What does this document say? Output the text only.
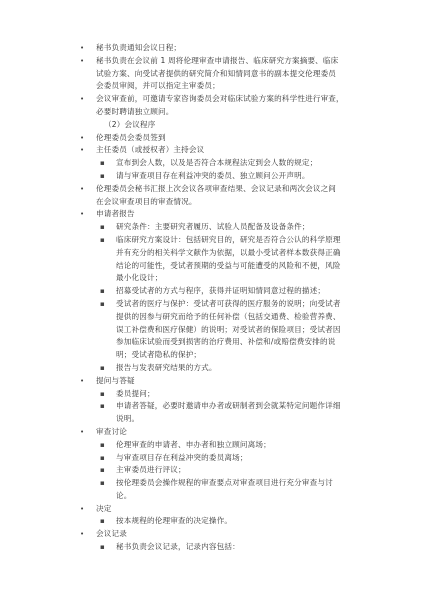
• 秘书负责通知会议日程；
• 秘书负责在会议前 1 周将伦理审查申请报告、临床研究方案摘要、临床
试验方案、向受试者提供的研究简介和知情同意书的副本提交伦理委员
会委员审阅，并可以指定主审委员；
• 会议审查前，可邀请专家咨询委员会对临床试验方案的科学性进行审查，
必要时聘请独立顾问。
（2）会议程序
• 伦理委员会委员签到
• 主任委员（或授权者）主持会议
▪ 宣布到会人数，以及是否符合本规程法定到会人数的规定；
▪ 请与审查项目存在利益冲突的委员、独立顾问公开声明。
• 伦理委员会秘书汇报上次会议各项审查结果、会议记录和两次会议之间
在会议审查项目的审查情况。
• 申请者报告
▪ 研究条件：主要研究者履历、试验人员配备及设备条件；
▪ 临床研究方案设计：包括研究目的，研究是否符合公认的科学原理
并有充分的相关科学文献作为依据，以最小受试者样本数获得正确
结论的可能性，受试者预期的受益与可能遭受的风险和不便，风险
最小化设计；
▪ 招募受试者的方式与程序，获得并证明知情同意过程的描述；
▪ 受试者的医疗与保护：受试者可获得的医疗服务的说明；向受试者
提供的因参与研究而给予的任何补偿（包括交通费、检验营养费、
误工补偿费和医疗保健）的说明；对受试者的保险项目；受试者因
参加临床试验而受到损害的治疗费用、补偿和/或赔偿费安排的说
明；受试者隐私的保护；
▪ 报告与发表研究结果的方式。
• 提问与答疑
▪ 委员提问；
▪ 申请者答疑，必要时邀请申办者或研制者到会就某特定问题作详细
说明。
• 审查讨论
▪ 伦理审查的申请者、申办者和独立顾问离场；
▪ 与审查项目存在利益冲突的委员离场；
▪ 主审委员进行评议；
▪ 按伦理委员会操作规程的审查要点对审查项目进行充分审查与讨
论。
• 决定
▪ 按本规程的伦理审查的决定操作。
• 会议记录
▪ 秘书负责会议记录，记录内容包括：
